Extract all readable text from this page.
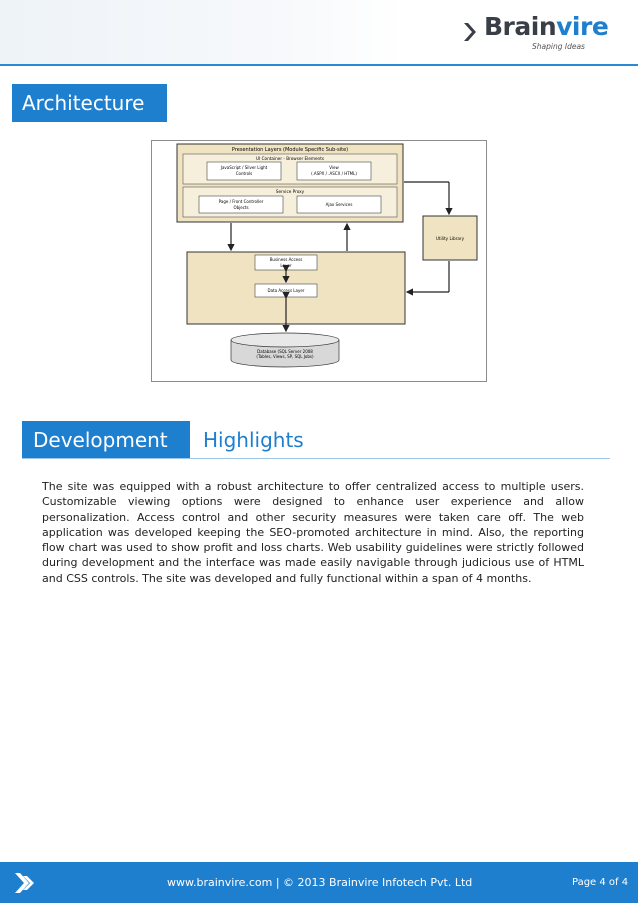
Brainvire
Shaping Ideas
Architecture
Presentation Layers (Module Specific Sub-site)
UI Container - Browser Elements
JavaScript / Silver Light
Controls
View
(.ASPX / .ASCX / HTML)
Service Proxy
Page / Front Controller
Objects
Ajax Services
Utility Library
Business Access
Layer
Data Access Layer
Database (SQL Server 2008
(Tables, Views, SP, SQL Jobs)
Development	Highlights
The site was equipped with a robust architecture to offer centralized access to multiple users. Customizable viewing options were designed to enhance user experience and allow personalization. Access control and other security measures were taken care off. The web application was developed keeping the SEO-promoted architecture in mind. Also, the reporting flow chart was used to show profit and loss charts. Web usability guidelines were strictly followed during development and the interface was made easily navigable through judicious use of HTML and CSS controls. The site was developed and fully functional within a span of 4 months.
www.brainvire.com | © 2013 Brainvire Infotech Pvt. Ltd	Page 4 of 4
